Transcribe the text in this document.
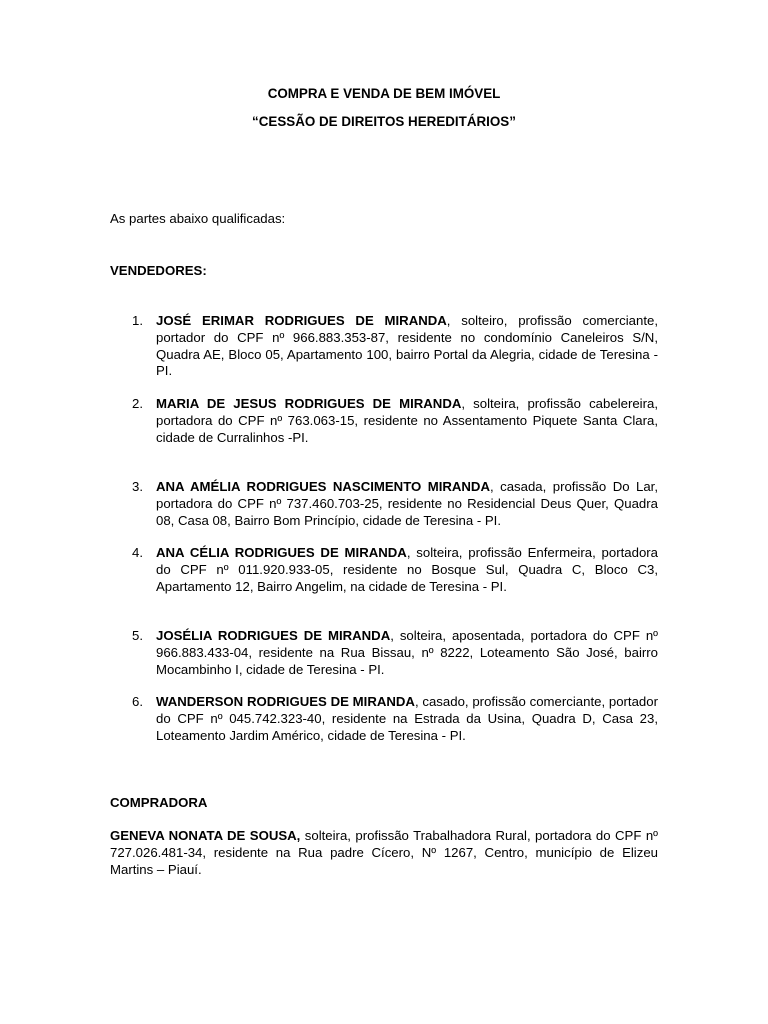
COMPRA E VENDA DE BEM IMÓVEL
“CESSÃO DE DIREITOS HEREDITÁRIOS”
As partes abaixo qualificadas:
VENDEDORES:
1. JOSÉ ERIMAR RODRIGUES DE MIRANDA, solteiro, profissão comerciante, portador do CPF nº 966.883.353-87, residente no condomínio Caneleiros S/N, Quadra AE, Bloco 05, Apartamento 100, bairro Portal da Alegria, cidade de Teresina - PI.
2. MARIA DE JESUS RODRIGUES DE MIRANDA, solteira, profissão cabelereira, portadora do CPF nº 763.063-15, residente no Assentamento Piquete Santa Clara, cidade de Curralinhos -PI.
3. ANA AMÉLIA RODRIGUES NASCIMENTO MIRANDA, casada, profissão Do Lar, portadora do CPF nº 737.460.703-25, residente no Residencial Deus Quer, Quadra 08, Casa 08, Bairro Bom Princípio, cidade de Teresina - PI.
4. ANA CÉLIA RODRIGUES DE MIRANDA, solteira, profissão Enfermeira, portadora do CPF nº 011.920.933-05, residente no Bosque Sul, Quadra C, Bloco C3, Apartamento 12, Bairro Angelim, na cidade de Teresina - PI.
5. JOSÉLIA RODRIGUES DE MIRANDA, solteira, aposentada, portadora do CPF nº 966.883.433-04, residente na Rua Bissau, nº 8222, Loteamento São José, bairro Mocambinho I, cidade de Teresina - PI.
6. WANDERSON RODRIGUES DE MIRANDA, casado, profissão comerciante, portador do CPF nº 045.742.323-40, residente na Estrada da Usina, Quadra D, Casa 23, Loteamento Jardim Américo, cidade de Teresina - PI.
COMPRADORA
GENEVA NONATA DE SOUSA, solteira, profissão Trabalhadora Rural, portadora do CPF nº 727.026.481-34, residente na Rua padre Cícero, Nº 1267, Centro, município de Elizeu Martins – Piauí.
